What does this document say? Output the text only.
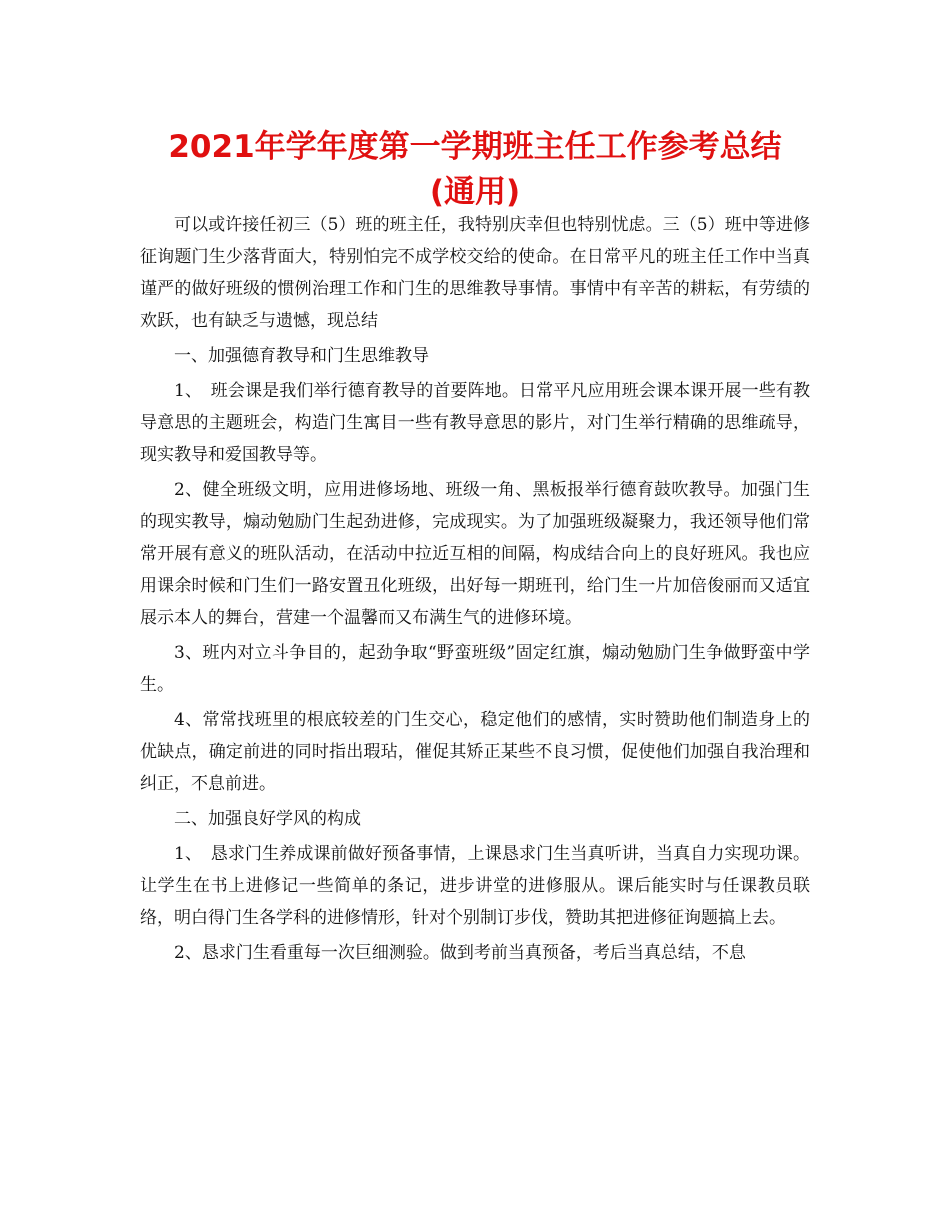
2021年学年度第一学期班主任工作参考总结
(通用)

可以或许接任初三（5）班的班主任，我特别庆幸但也特别忧虑。三（5）班中等进修征询题门生少落背面大，特别怕完不成学校交给的使命。在日常平凡的班主任工作中当真谨严的做好班级的惯例治理工作和门生的思维教导事情。事情中有辛苦的耕耘，有劳绩的欢跃，也有缺乏与遗憾，现总结

一、加强德育教导和门生思维教导

1、　班会课是我们举行德育教导的首要阵地。日常平凡应用班会课本课开展一些有教导意思的主题班会，构造门生寓目一些有教导意思的影片，对门生举行精确的思维疏导，现实教导和爱国教导等。

2、健全班级文明，应用进修场地、班级一角、黑板报举行德育鼓吹教导。加强门生的现实教导，煽动勉励门生起劲进修，完成现实。为了加强班级凝聚力，我还领导他们常常开展有意义的班队活动，在活动中拉近互相的间隔，构成结合向上的良好班风。我也应用课余时候和门生们一路安置丑化班级，出好每一期班刊，给门生一片加倍俊丽而又适宜展示本人的舞台，营建一个温馨而又布满生气的进修环境。

3、班内对立斗争目的，起劲争取“野蛮班级”固定红旗，煽动勉励门生争做野蛮中学生。

4、常常找班里的根底较差的门生交心，稳定他们的感情，实时赞助他们制造身上的优缺点，确定前进的同时指出瑕玷，催促其矫正某些不良习惯，促使他们加强自我治理和纠正，不息前进。

二、加强良好学风的构成

1、　恳求门生养成课前做好预备事情，上课恳求门生当真听讲，当真自力实现功课。让学生在书上进修记一些简单的条记，进步讲堂的进修服从。课后能实时与任课教员联络，明白得门生各学科的进修情形，针对个别制订步伐，赞助其把进修征询题搞上去。

2、恳求门生看重每一次巨细测验。做到考前当真预备，考后当真总结，不息
